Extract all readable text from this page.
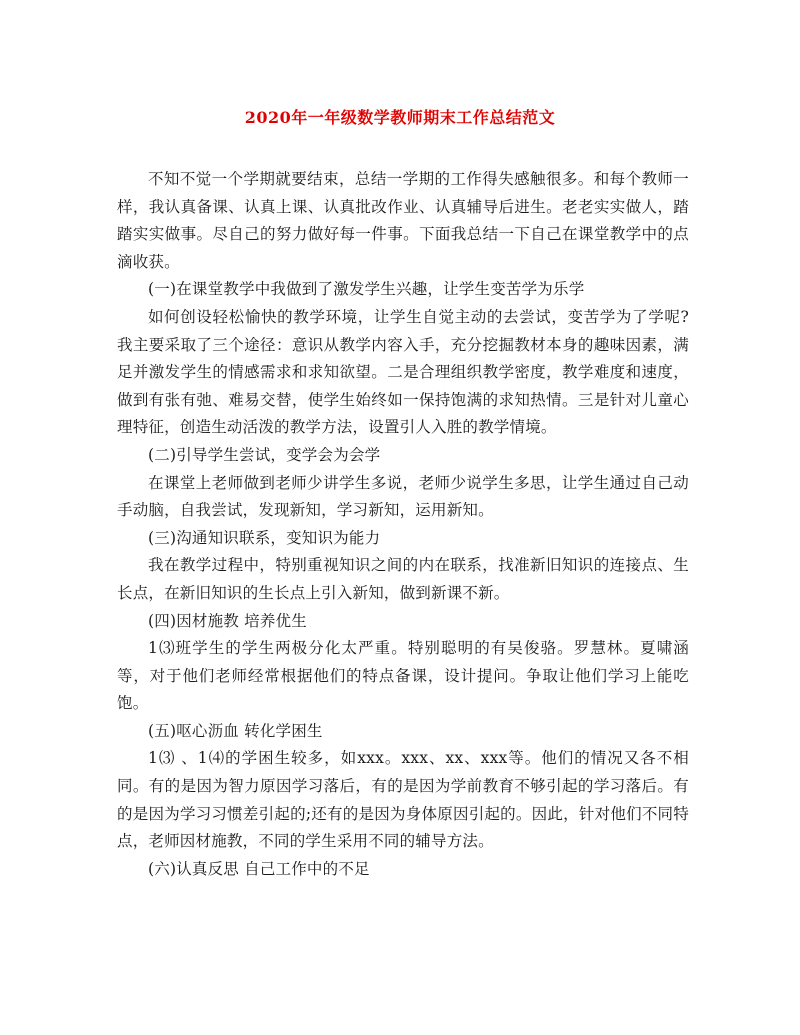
2020年一年级数学教师期末工作总结范文

不知不觉一个学期就要结束，总结一学期的工作得失感触很多。和每个教师一样，我认真备课、认真上课、认真批改作业、认真辅导后进生。老老实实做人，踏踏实实做事。尽自己的努力做好每一件事。下面我总结一下自己在课堂教学中的点滴收获。

(一)在课堂教学中我做到了激发学生兴趣，让学生变苦学为乐学

如何创设轻松愉快的教学环境，让学生自觉主动的去尝试，变苦学为了学呢?我主要采取了三个途径：意识从教学内容入手，充分挖掘教材本身的趣味因素，满足并激发学生的情感需求和求知欲望。二是合理组织教学密度，教学难度和速度，做到有张有弛、难易交替，使学生始终如一保持饱满的求知热情。三是针对儿童心理特征，创造生动活泼的教学方法，设置引人入胜的教学情境。

(二)引导学生尝试，变学会为会学

在课堂上老师做到老师少讲学生多说，老师少说学生多思，让学生通过自己动手动脑，自我尝试，发现新知，学习新知，运用新知。

(三)沟通知识联系，变知识为能力

我在教学过程中，特别重视知识之间的内在联系，找准新旧知识的连接点、生长点，在新旧知识的生长点上引入新知，做到新课不新。

(四)因材施教 培养优生

1⑶班学生的学生两极分化太严重。特别聪明的有吴俊骆。罗慧林。夏啸涵等，对于他们老师经常根据他们的特点备课，设计提问。争取让他们学习上能吃饱。

(五)呕心沥血 转化学困生

1⑶ 、1⑷的学困生较多，如xxx。xxx、xx、xxx等。他们的情况又各不相同。有的是因为智力原因学习落后，有的是因为学前教育不够引起的学习落后。有的是因为学习习惯差引起的;还有的是因为身体原因引起的。因此，针对他们不同特点，老师因材施教，不同的学生采用不同的辅导方法。

(六)认真反思 自己工作中的不足
